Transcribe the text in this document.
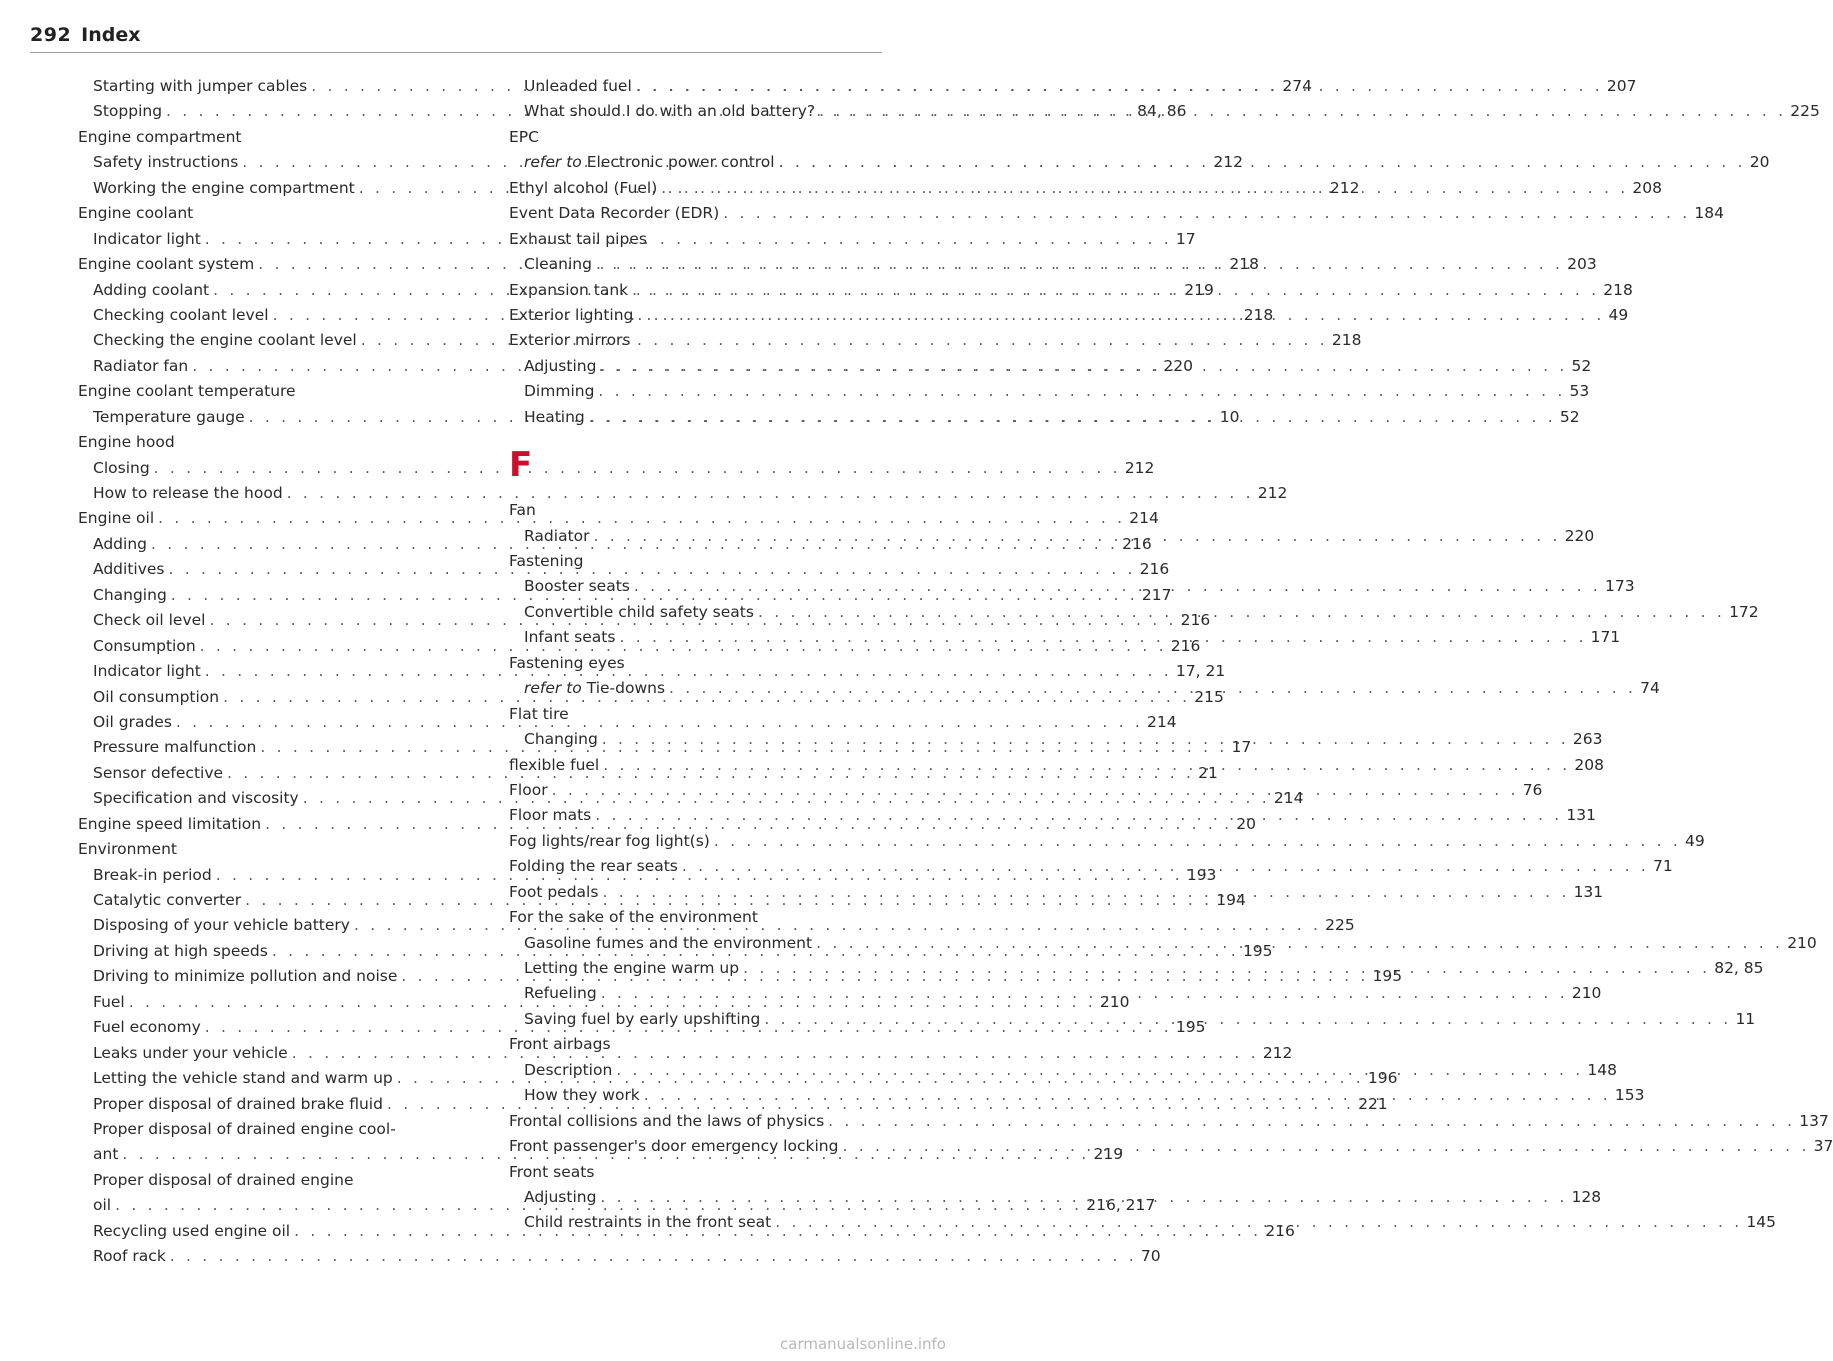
292 Index
Starting with jumper cables . . .	274
Stopping . . .	84, 86
Engine compartment
Safety instructions . . .	212
Working the engine compartment . . .	212
Engine coolant
Indicator light . . .	17
Engine coolant system . . .	218
Adding coolant . . .	219
Checking coolant level . . .	218
Checking the engine coolant level . . .	218
Radiator fan . . .	220
Engine coolant temperature
Temperature gauge . . .	10
Engine hood
Closing . . .	212
How to release the hood . . .	212
Engine oil . . .	214
Adding . . .	216
Additives . . .	216
Changing . . .	217
Check oil level . . .	216
Consumption . . .	216
Indicator light . . .	17, 21
Oil consumption . . .	215
Oil grades . . .	214
Pressure malfunction . . .	17
Sensor defective . . .	21
Specification and viscosity . . .	214
Engine speed limitation . . .	20
Environment
Break-in period . . .	193
Catalytic converter . . .	194
Disposing of your vehicle battery . . .	225
Driving at high speeds . . .	195
Driving to minimize pollution and noise . . .	195
Fuel . . .	210
Fuel economy . . .	195
Leaks under your vehicle . . .	212
Letting the vehicle stand and warm up . . .	196
Proper disposal of drained brake fluid . . .	221
Proper disposal of drained engine cool-
ant . . .	219
Proper disposal of drained engine
oil . . .	216, 217
Recycling used engine oil . . .	216
Roof rack . . .	70
Unleaded fuel . . .	207
What should I do with an old battery? . . .	225
EPC
refer to Electronic power control . . .	20
Ethyl alcohol (Fuel) . . .	208
Event Data Recorder (EDR) . . .	184
Exhaust tail pipes
Cleaning . . .	203
Expansion tank . . .	218
Exterior lighting . . .	49
Exterior mirrors
Adjusting . . .	52
Dimming . . .	53
Heating . . .	52
F
Fan
Radiator . . .	220
Fastening
Booster seats . . .	173
Convertible child safety seats . . .	172
Infant seats . . .	171
Fastening eyes
refer to Tie-downs . . .	74
Flat tire
Changing . . .	263
flexible fuel . . .	208
Floor . . .	76
Floor mats . . .	131
Fog lights/rear fog light(s) . . .	49
Folding the rear seats . . .	71
Foot pedals . . .	131
For the sake of the environment
Gasoline fumes and the environment . . .	210
Letting the engine warm up . . .	82, 85
Refueling . . .	210
Saving fuel by early upshifting . . .	11
Front airbags
Description . . .	148
How they work . . .	153
Frontal collisions and the laws of physics . . .	137
Front passenger's door emergency locking . . .	37
Front seats
Adjusting . . .	128
Child restraints in the front seat . . .	145
carmanualsonline.info
